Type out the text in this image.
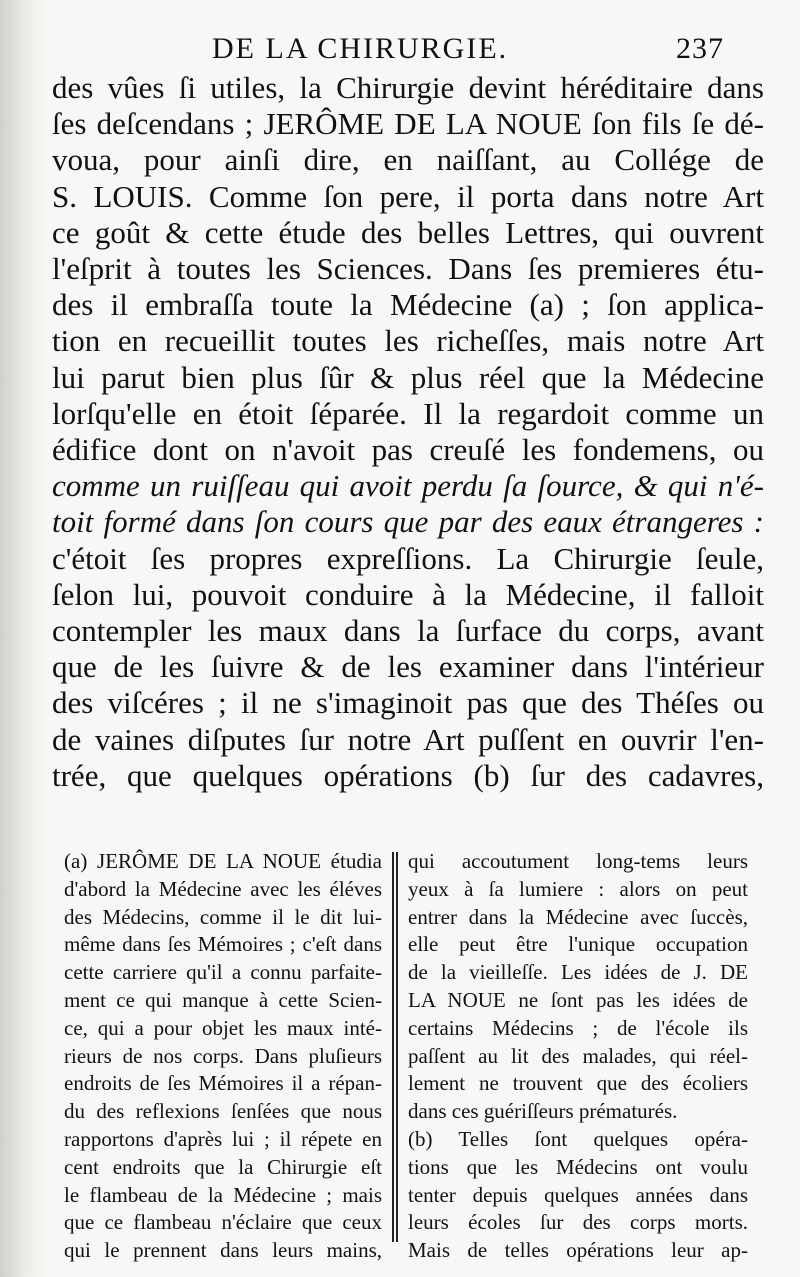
DE LA CHIRURGIE.	237
des vûes ſi utiles, la Chirurgie devint héréditaire dans
ſes deſcendans ; JERÔME DE LA NOUE ſon fils ſe dé-
voua, pour ainſi dire, en naiſſant, au Collége de
S. LOUIS. Comme ſon pere, il porta dans notre Art
ce goût & cette étude des belles Lettres, qui ouvrent
l'eſprit à toutes les Sciences. Dans ſes premieres étu-
des il embraſſa toute la Médecine (a) ; ſon applica-
tion en recueillit toutes les richeſſes, mais notre Art
lui parut bien plus ſûr & plus réel que la Médecine
lorſqu'elle en étoit ſéparée. Il la regardoit comme un
édifice dont on n'avoit pas creuſé les fondemens, ou
comme un ruiſſeau qui avoit perdu ſa ſource, & qui n'é-
toit formé dans ſon cours que par des eaux étrangeres :
c'étoit ſes propres expreſſions. La Chirurgie ſeule,
ſelon lui, pouvoit conduire à la Médecine, il falloit
contempler les maux dans la ſurface du corps, avant
que de les ſuivre & de les examiner dans l'intérieur
des viſcéres ; il ne s'imaginoit pas que des Théſes ou
de vaines diſputes ſur notre Art puſſent en ouvrir l'en-
trée, que quelques opérations (b) ſur des cadavres,
(a) JERÔME DE LA NOUE étudia
d'abord la Médecine avec les éléves
des Médecins, comme il le dit lui-
même dans ſes Mémoires ; c'eſt dans
cette carriere qu'il a connu parfaite-
ment ce qui manque à cette Scien-
ce, qui a pour objet les maux inté-
rieurs de nos corps. Dans pluſieurs
endroits de ſes Mémoires il a répan-
du des reflexions ſenſées que nous
rapportons d'après lui ; il répete en
cent endroits que la Chirurgie eſt
le flambeau de la Médecine ; mais
que ce flambeau n'éclaire que ceux
qui le prennent dans leurs mains,
qui accoutument long-tems leurs
yeux à ſa lumiere : alors on peut
entrer dans la Médecine avec ſuccès,
elle peut être l'unique occupation
de la vieilleſſe. Les idées de J. DE
LA NOUE ne ſont pas les idées de
certains Médecins ; de l'école ils
paſſent au lit des malades, qui réel-
lement ne trouvent que des écoliers
dans ces guériſſeurs prématurés.
(b) Telles ſont quelques opéra-
tions que les Médecins ont voulu
tenter depuis quelques années dans
leurs écoles ſur des corps morts.
Mais de telles opérations leur ap-
